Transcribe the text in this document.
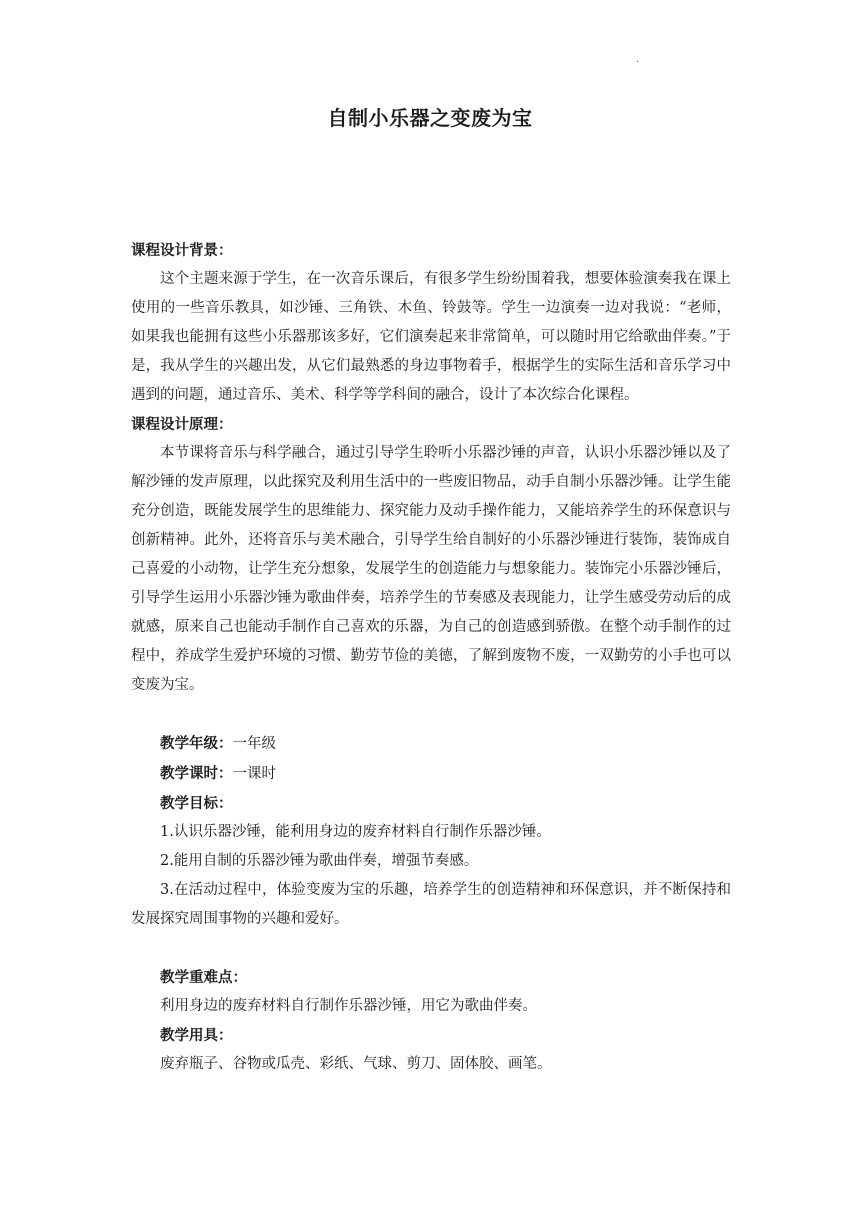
·
自制小乐器之变废为宝

课程设计背景：

这个主题来源于学生，在一次音乐课后，有很多学生纷纷围着我，想要体验演奏我在课上使用的一些音乐教具，如沙锤、三角铁、木鱼、铃鼓等。学生一边演奏一边对我说：“老师，如果我也能拥有这些小乐器那该多好，它们演奏起来非常简单，可以随时用它给歌曲伴奏。”于是，我从学生的兴趣出发，从它们最熟悉的身边事物着手，根据学生的实际生活和音乐学习中遇到的问题，通过音乐、美术、科学等学科间的融合，设计了本次综合化课程。

课程设计原理：

本节课将音乐与科学融合，通过引导学生聆听小乐器沙锤的声音，认识小乐器沙锤以及了解沙锤的发声原理，以此探究及利用生活中的一些废旧物品，动手自制小乐器沙锤。让学生能充分创造，既能发展学生的思维能力、探究能力及动手操作能力，又能培养学生的环保意识与创新精神。此外，还将音乐与美术融合，引导学生给自制好的小乐器沙锤进行装饰，装饰成自己喜爱的小动物，让学生充分想象，发展学生的创造能力与想象能力。装饰完小乐器沙锤后，引导学生运用小乐器沙锤为歌曲伴奏，培养学生的节奏感及表现能力，让学生感受劳动后的成就感，原来自己也能动手制作自己喜欢的乐器，为自己的创造感到骄傲。在整个动手制作的过程中，养成学生爱护环境的习惯、勤劳节俭的美德，了解到废物不废，一双勤劳的小手也可以变废为宝。

教学年级：一年级

教学课时：一课时

教学目标：

1.认识乐器沙锤，能利用身边的废弃材料自行制作乐器沙锤。

2.能用自制的乐器沙锤为歌曲伴奏，增强节奏感。

3.在活动过程中，体验变废为宝的乐趣，培养学生的创造精神和环保意识，并不断保持和发展探究周围事物的兴趣和爱好。

教学重难点：

利用身边的废弃材料自行制作乐器沙锤，用它为歌曲伴奏。

教学用具：

废弃瓶子、谷物或瓜壳、彩纸、气球、剪刀、固体胶、画笔。
